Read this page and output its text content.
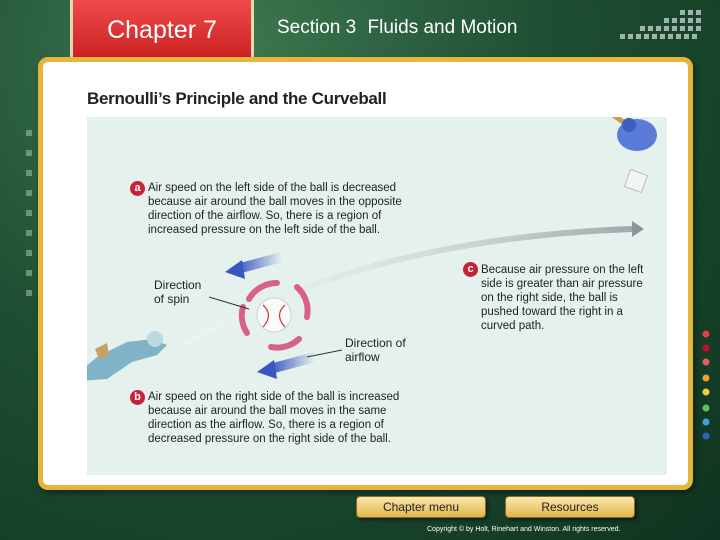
Chapter 7	Section 3 Fluids and Motion
Bernoulli’s Principle and the Curveball
a Air speed on the left side of the ball is decreased because air around the ball moves in the opposite direction of the airflow. So, there is a region of increased pressure on the left side of the ball.
c Because air pressure on the left side is greater than air pressure on the right side, the ball is pushed toward the right in a curved path.
Direction of spin
Direction of airflow
b Air speed on the right side of the ball is increased because air around the ball moves in the same direction as the airflow. So, there is a region of decreased pressure on the right side of the ball.
Chapter menu	Resources
Copyright © by Holt, Rinehart and Winston. All rights reserved.
